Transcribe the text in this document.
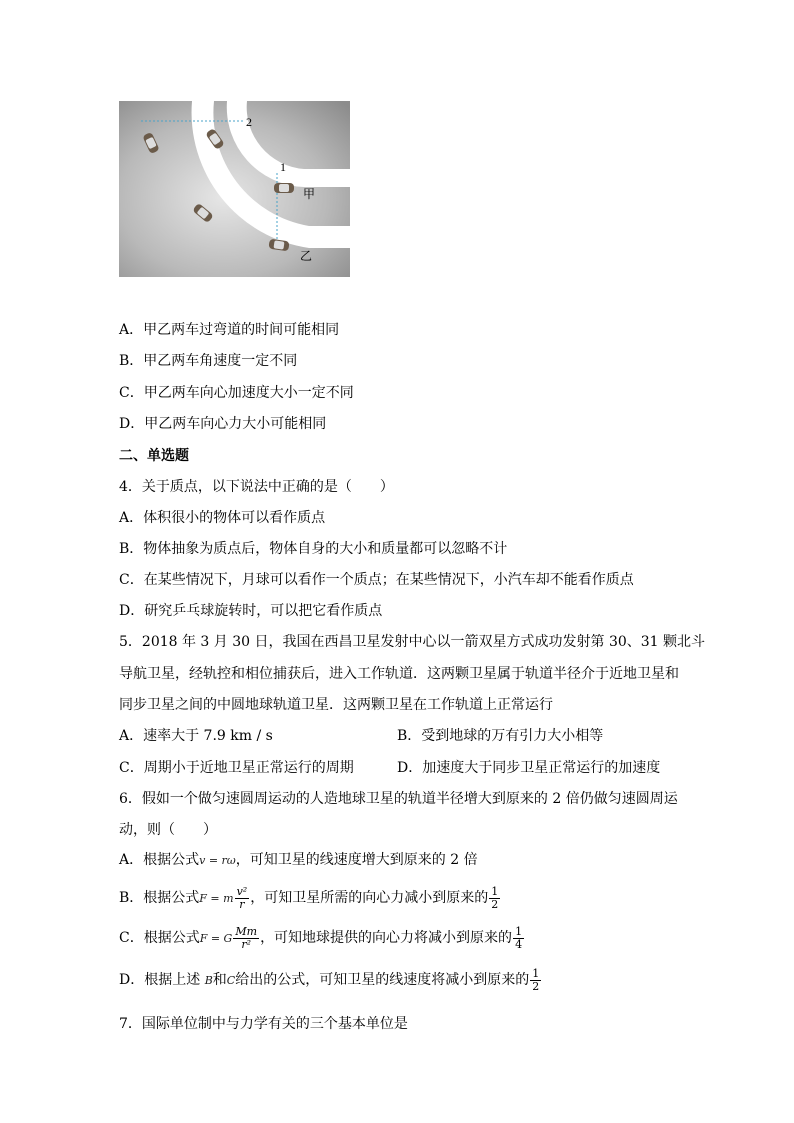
2
1
甲
乙
A．甲乙两车过弯道的时间可能相同
B．甲乙两车角速度一定不同
C．甲乙两车向心加速度大小一定不同
D．甲乙两车向心力大小可能相同
二、单选题
4．关于质点，以下说法中正确的是（　　）
A．体积很小的物体可以看作质点
B．物体抽象为质点后，物体自身的大小和质量都可以忽略不计
C．在某些情况下，月球可以看作一个质点；在某些情况下，小汽车却不能看作质点
D．研究乒乓球旋转时，可以把它看作质点
5．2018 年 3 月 30 日，我国在西昌卫星发射中心以一箭双星方式成功发射第 30、31 颗北斗
导航卫星，经轨控和相位捕获后，进入工作轨道．这两颗卫星属于轨道半径介于近地卫星和
同步卫星之间的中圆地球轨道卫星．这两颗卫星在工作轨道上正常运行
A．速率大于 7.9 km / s	B．受到地球的万有引力大小相等
C．周期小于近地卫星正常运行的周期	D．加速度大于同步卫星正常运行的加速度
6．假如一个做匀速圆周运动的人造地球卫星的轨道半径增大到原来的 2 倍仍做匀速圆周运
动，则（　　）
A．根据公式v = rω，可知卫星的线速度增大到原来的 2 倍
B．根据公式F = m $\frac{\text{v²}}{r}$ ，可知卫星所需的向心力减小到原来的 $\frac{1}{2}$
C．根据公式F = G $\frac{Mm}{\text{r²}}$ ，可知地球提供的向心力将减小到原来的 $\frac{1}{4}$
D．根据上述 B和C给出的公式，可知卫星的线速度将减小到原来的 $\frac{1}{2}$
7．国际单位制中与力学有关的三个基本单位是
